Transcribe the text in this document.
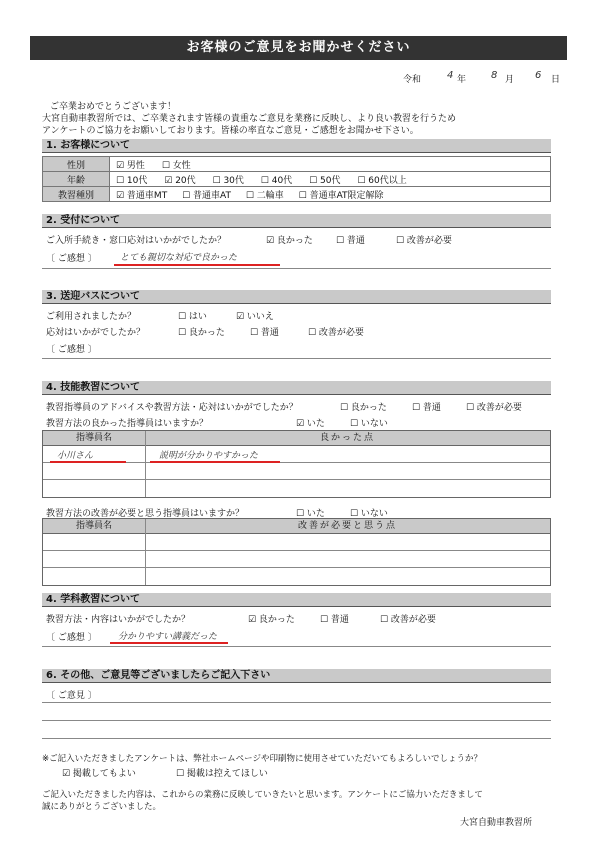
お客様のご意見をお聞かせください
令和	4 年 8 月 6 日
ご卒業おめでとうございます！
大宮自動車教習所では、ご卒業されます皆様の貴重なご意見を業務に反映し、より良い教習を行うため
アンケートのご協力をお願いしております。皆様の率直なご意見・ご感想をお聞かせ下さい。
1. お客様について
性別	☑ 男性 ☐ 女性
年齢	☐ 10代 ☑ 20代 ☐ 30代 ☐ 40代 ☐ 50代 ☐ 60代以上
教習種別	☑ 普通車MT ☐ 普通車AT ☐ 二輪車 ☐ 普通車AT限定解除
2. 受付について
ご入所手続き・窓口応対はいかがでしたか？	☑ 良かった	☐ 普通	☐ 改善が必要
〔 ご感想 〕	とても親切な対応で良かった
3. 送迎バスについて
ご利用されましたか？	☐ はい	☑ いいえ
応対はいかがでしたか？	☐ 良かった	☐ 普通	☐ 改善が必要
〔 ご感想 〕
4. 技能教習について
教習指導員のアドバイスや教習方法・応対はいかがでしたか？	☐ 良かった	☐ 普通	☐ 改善が必要
教習方法の良かった指導員はいますか？	☑ いた	☐ いない
指導員名	良かった点
小川さん	説明が分かりやすかった
教習方法の改善が必要と思う指導員はいますか？	☐ いた	☐ いない
指導員名	改善が必要と思う点
4. 学科教習について
教習方法・内容はいかがでしたか？	☑ 良かった	☐ 普通	☐ 改善が必要
〔 ご感想 〕 分かりやすい講義だった
6. その他、ご意見等ございましたらご記入下さい
〔 ご意見 〕
※ご記入いただきましたアンケートは、弊社ホームページや印刷物に使用させていただいてもよろしいでしょうか？
☑ 掲載してもよい	☐ 掲載は控えてほしい
ご記入いただきました内容は、これからの業務に反映していきたいと思います。アンケートにご協力いただきまして
誠にありがとうございました。
大宮自動車教習所
